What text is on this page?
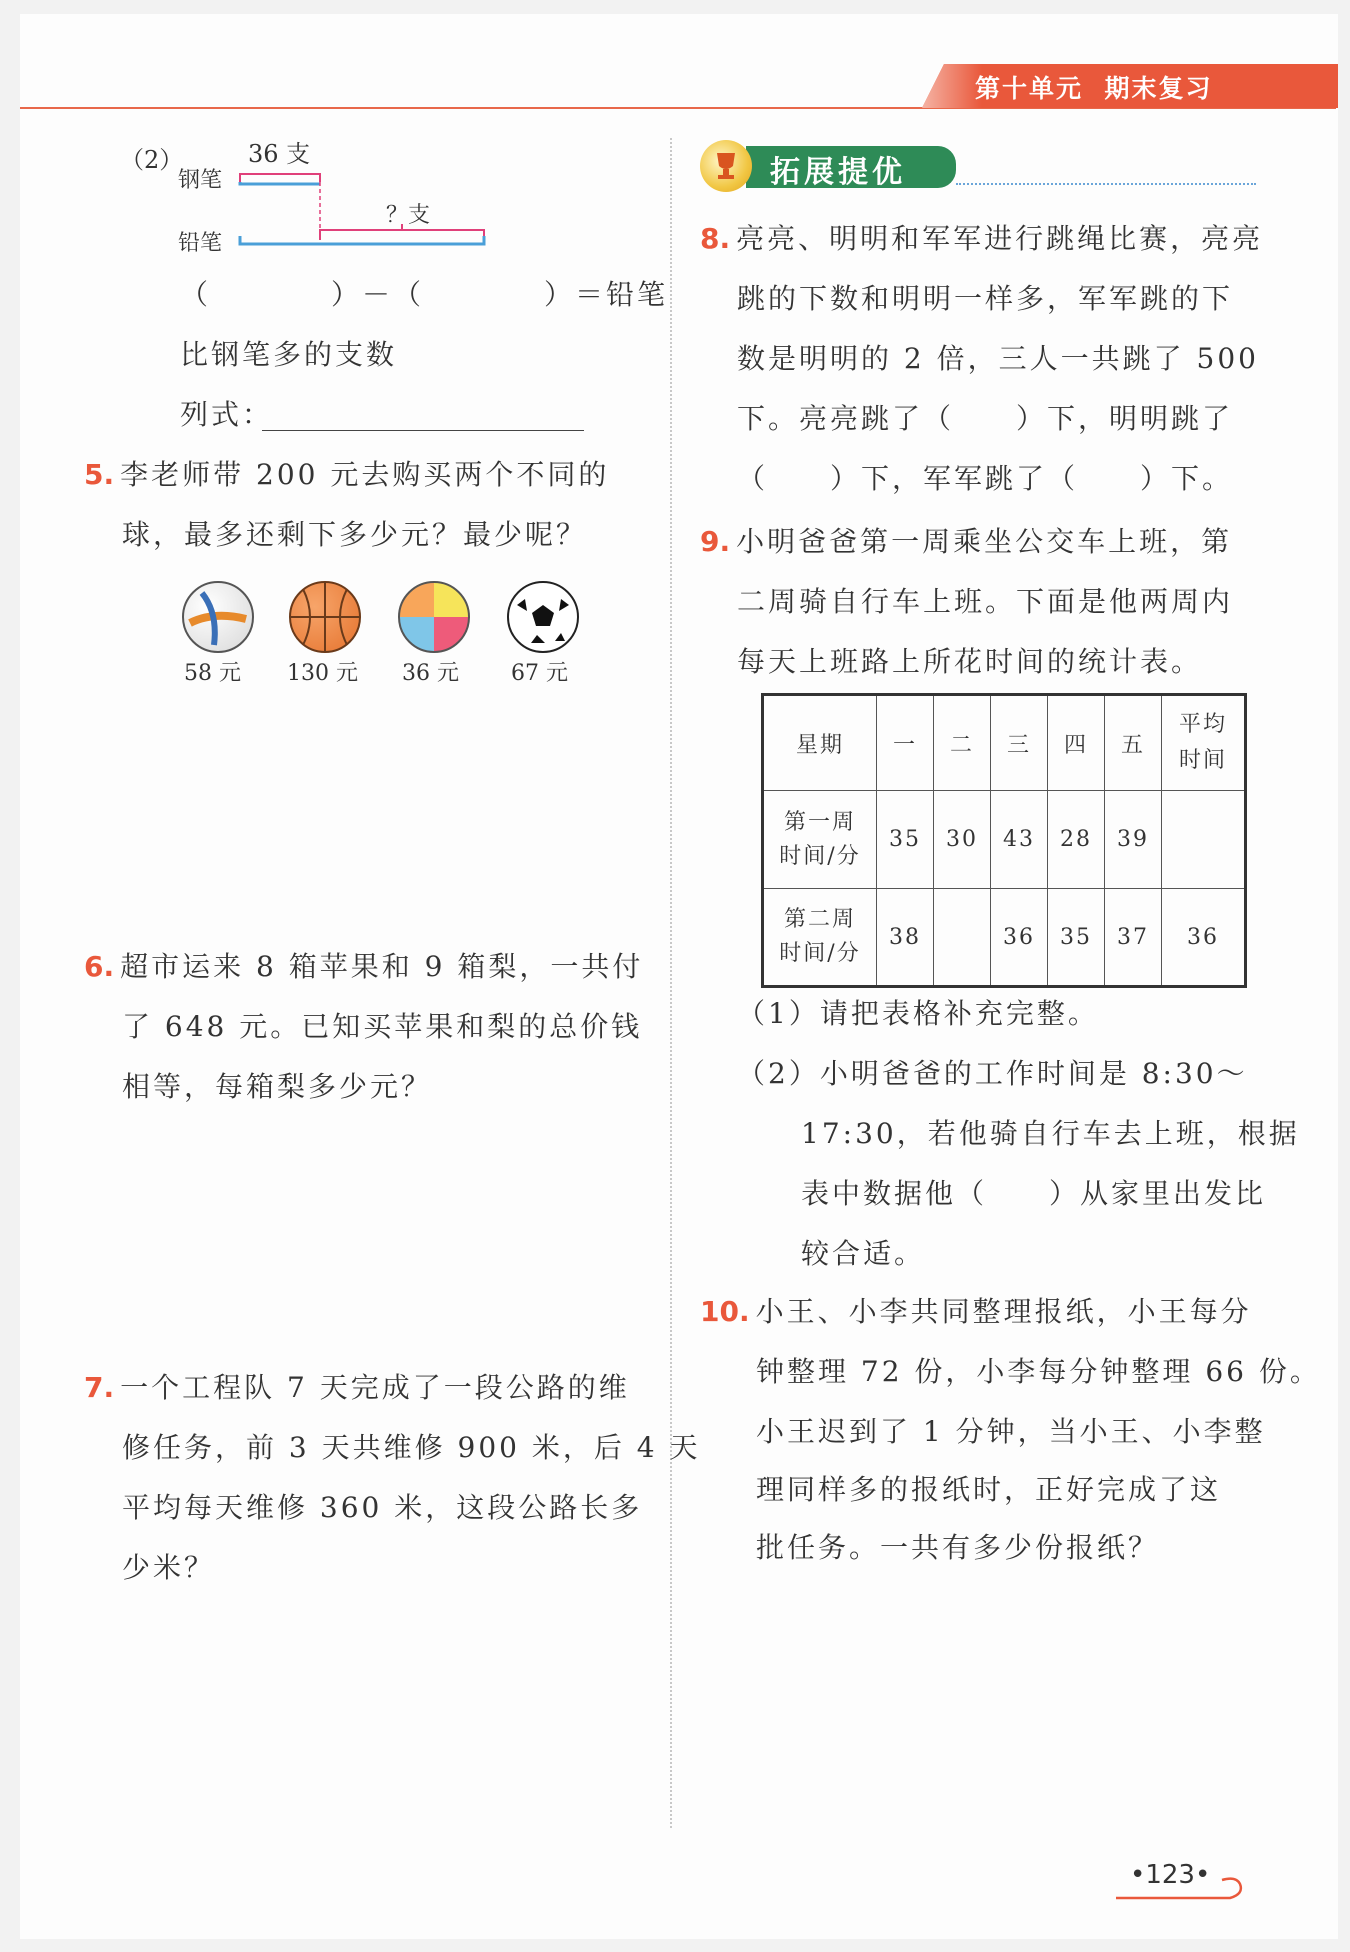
第十单元 期末复习
（2）	36 支
钢笔
？支
铅笔
（	）－（	）＝铅笔
比钢笔多的支数
列式：
5. 李老师带 200 元去购买两个不同的
球，最多还剩下多少元？最少呢？
58 元 130 元 36 元 67 元
6. 超市运来 8 箱苹果和 9 箱梨，一共付
了 648 元。已知买苹果和梨的总价钱
相等，每箱梨多少元？
7. 一个工程队 7 天完成了一段公路的维
修任务，前 3 天共维修 900 米，后 4 天
平均每天维修 360 米，这段公路长多
少米？
拓展提优
8. 亮亮、明明和军军进行跳绳比赛，亮亮
跳的下数和明明一样多，军军跳的下
数是明明的 2 倍，三人一共跳了 500
下。亮亮跳了（　　）下，明明跳了
（　　）下，军军跳了（　　）下。
9. 小明爸爸第一周乘坐公交车上班，第
二周骑自行车上班。下面是他两周内
每天上班路上所花时间的统计表。
星期	一	二	三	四	五	平均时间

第一周时间/分	35	30	43	28	39	

第二周时间/分	38		36	35	37	36
（1）请把表格补充完整。
（2）小明爸爸的工作时间是 8:30～
17:30，若他骑自行车去上班，根据
表中数据他（　　）从家里出发比
较合适。
10. 小王、小李共同整理报纸，小王每分
钟整理 72 份，小李每分钟整理 66 份。
小王迟到了 1 分钟，当小王、小李整
理同样多的报纸时，正好完成了这
批任务。一共有多少份报纸？
•123•
